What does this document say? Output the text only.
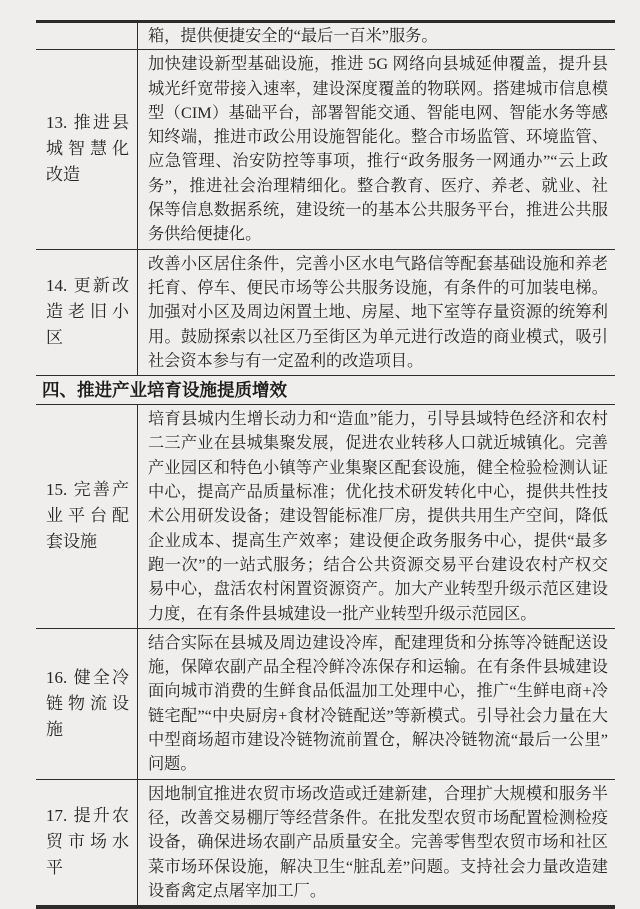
箱，提供便捷安全的“最后一百米”服务。

13. 推进县城智慧化改造

加快建设新型基础设施，推进 5G 网络向县城延伸覆盖，提升县城光纤宽带接入速率，建设深度覆盖的物联网。搭建城市信息模型（CIM）基础平台，部署智能交通、智能电网、智能水务等感知终端，推进市政公用设施智能化。整合市场监管、环境监管、应急管理、治安防控等事项，推行“政务服务一网通办”“云上政务”，推进社会治理精细化。整合教育、医疗、养老、就业、社保等信息数据系统，建设统一的基本公共服务平台，推进公共服务供给便捷化。

14. 更新改造老旧小区

改善小区居住条件，完善小区水电气路信等配套基础设施和养老托育、停车、便民市场等公共服务设施，有条件的可加装电梯。加强对小区及周边闲置土地、房屋、地下室等存量资源的统筹利用。鼓励探索以社区乃至街区为单元进行改造的商业模式，吸引社会资本参与有一定盈利的改造项目。

四、推进产业培育设施提质增效

15. 完善产业平台配套设施

培育县城内生增长动力和“造血”能力，引导县域特色经济和农村二三产业在县城集聚发展，促进农业转移人口就近城镇化。完善产业园区和特色小镇等产业集聚区配套设施，健全检验检测认证中心，提高产品质量标准；优化技术研发转化中心，提供共性技术公用研发设备；建设智能标准厂房，提供共用生产空间，降低企业成本、提高生产效率；建设便企政务服务中心，提供“最多跑一次”的一站式服务；结合公共资源交易平台建设农村产权交易中心，盘活农村闲置资源资产。加大产业转型升级示范区建设力度，在有条件县城建设一批产业转型升级示范园区。

16. 健全冷链物流设施

结合实际在县城及周边建设冷库，配建理货和分拣等冷链配送设施，保障农副产品全程冷鲜冷冻保存和运输。在有条件县城建设面向城市消费的生鲜食品低温加工处理中心，推广“生鲜电商+冷链宅配”“中央厨房+食材冷链配送”等新模式。引导社会力量在大中型商场超市建设冷链物流前置仓，解决冷链物流“最后一公里”问题。

17. 提升农贸市场水平

因地制宜推进农贸市场改造或迁建新建，合理扩大规模和服务半径，改善交易棚厅等经营条件。在批发型农贸市场配置检测检疫设备，确保进场农副产品质量安全。完善零售型农贸市场和社区菜市场环保设施，解决卫生“脏乱差”问题。支持社会力量改造建设畜禽定点屠宰加工厂。
